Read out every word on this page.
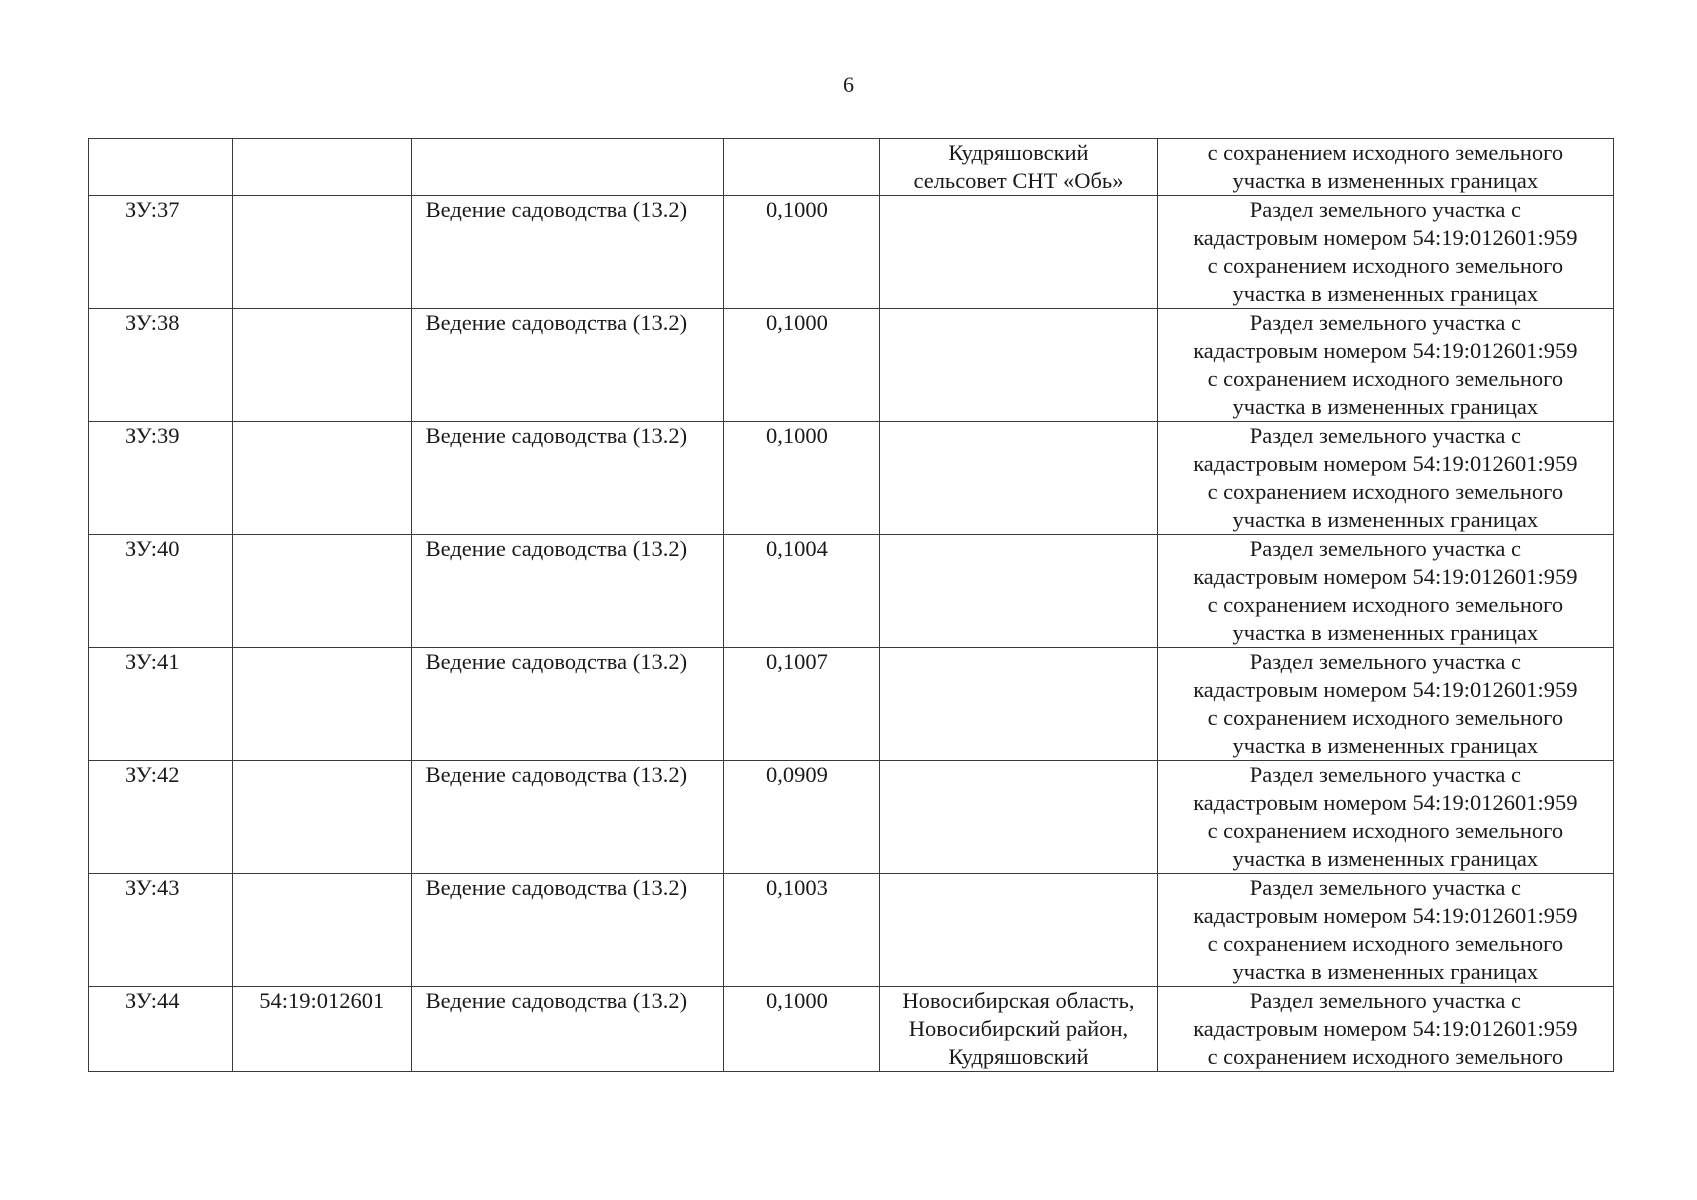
6

				Кудряшовский
сельсовет СНТ «Обь»	с сохранением исходного земельного
участка в измененных границах

ЗУ:37		Ведение садоводства (13.2)	0,1000		Раздел земельного участка с
кадастровым номером 54:19:012601:959
с сохранением исходного земельного
участка в измененных границах

ЗУ:38		Ведение садоводства (13.2)	0,1000		Раздел земельного участка с
кадастровым номером 54:19:012601:959
с сохранением исходного земельного
участка в измененных границах

ЗУ:39		Ведение садоводства (13.2)	0,1000		Раздел земельного участка с
кадастровым номером 54:19:012601:959
с сохранением исходного земельного
участка в измененных границах

ЗУ:40		Ведение садоводства (13.2)	0,1004		Раздел земельного участка с
кадастровым номером 54:19:012601:959
с сохранением исходного земельного
участка в измененных границах

ЗУ:41		Ведение садоводства (13.2)	0,1007		Раздел земельного участка с
кадастровым номером 54:19:012601:959
с сохранением исходного земельного
участка в измененных границах

ЗУ:42		Ведение садоводства (13.2)	0,0909		Раздел земельного участка с
кадастровым номером 54:19:012601:959
с сохранением исходного земельного
участка в измененных границах

ЗУ:43		Ведение садоводства (13.2)	0,1003		Раздел земельного участка с
кадастровым номером 54:19:012601:959
с сохранением исходного земельного
участка в измененных границах

ЗУ:44	54:19:012601	Ведение садоводства (13.2)	0,1000	Новосибирская область,
Новосибирский район,
Кудряшовский	Раздел земельного участка с
кадастровым номером 54:19:012601:959
с сохранением исходного земельного
